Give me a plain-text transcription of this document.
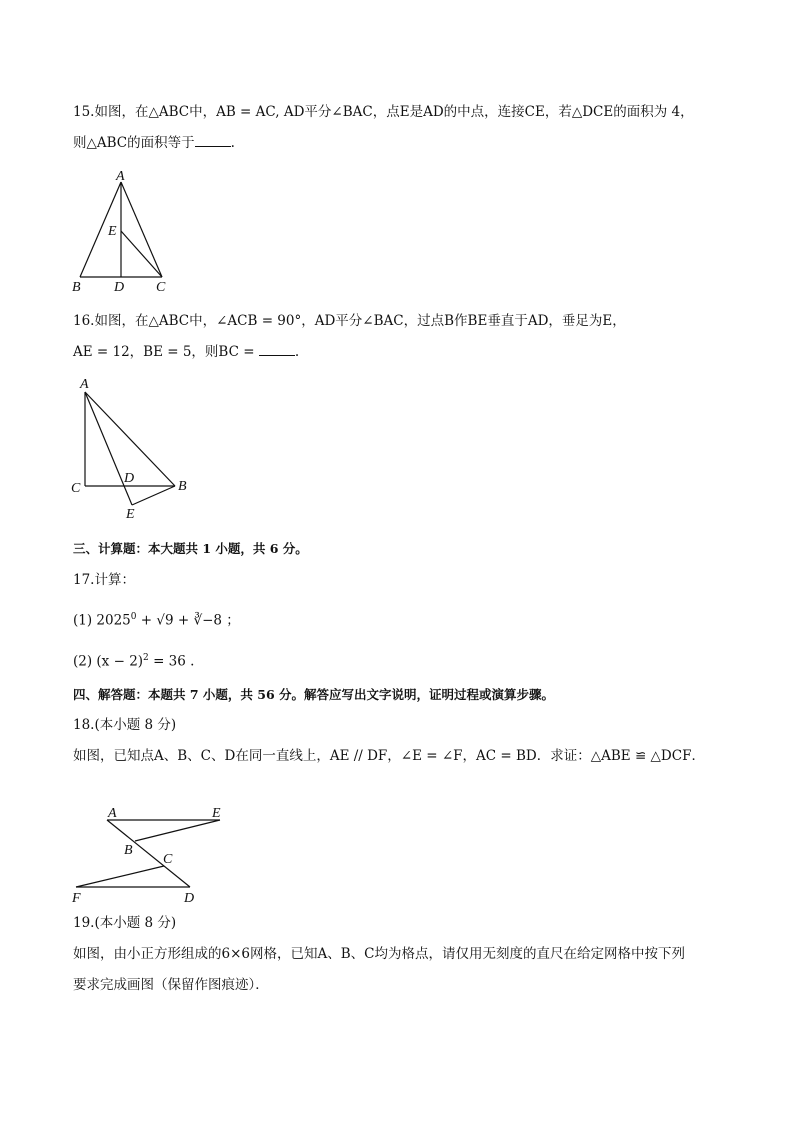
15.如图，在△ABC中，AB = AC, AD平分∠BAC，点E是AD的中点，连接CE，若△DCE的面积为 4，
则△ABC的面积等于	.
A
E
B D C
16.如图，在△ABC中，∠ACB = 90°，AD平分∠BAC，过点B作BE垂直于AD，垂足为E，
AE = 12，BE = 5，则BC =	.
A
C
D
B
E
三、计算题：本大题共 1 小题，共 6 分。
17.计算：
(1) $2025^0 + √9$ + ∛−8 ；
(2) $(x - 2)^2 = 36$ .
四、解答题：本题共 7 小题，共 56 分。解答应写出文字说明，证明过程或演算步骤。
18.(本小题 8 分)
如图，已知点A、B、C、D在同一直线上，AE // DF，∠E = ∠F，AC = BD．求证：△ABE ≌ △DCF．
A	E
B
C
F	D
19.(本小题 8 分)
如图，由小正方形组成的6×6网格，已知A、B、C均为格点，请仅用无刻度的直尺在给定网格中按下列
要求完成画图（保留作图痕迹）．
